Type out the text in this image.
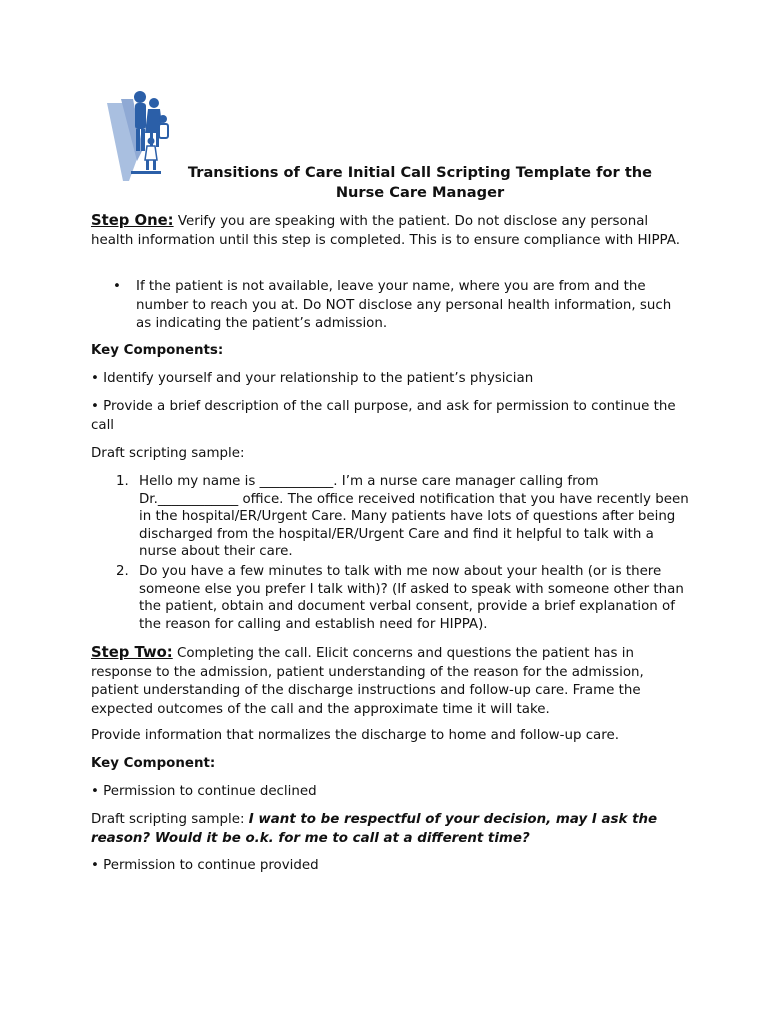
Transitions of Care Initial Call Scripting Template for the
Nurse Care Manager
Step One: Verify you are speaking with the patient. Do not disclose any personal health information until this step is completed. This is to ensure compliance with HIPPA.
• If the patient is not available, leave your name, where you are from and the number to reach you at. Do NOT disclose any personal health information, such as indicating the patient’s admission.
Key Components:
• Identify yourself and your relationship to the patient’s physician
• Provide a brief description of the call purpose, and ask for permission to continue the call
Draft scripting sample:
1. Hello my name is ___________. I’m a nurse care manager calling from Dr.____________ office. The office received notification that you have recently been in the hospital/ER/Urgent Care. Many patients have lots of questions after being discharged from the hospital/ER/Urgent Care and find it helpful to talk with a nurse about their care.
2. Do you have a few minutes to talk with me now about your health (or is there someone else you prefer I talk with)? (If asked to speak with someone other than the patient, obtain and document verbal consent, provide a brief explanation of the reason for calling and establish need for HIPPA).
Step Two: Completing the call. Elicit concerns and questions the patient has in response to the admission, patient understanding of the reason for the admission, patient understanding of the discharge instructions and follow-up care. Frame the expected outcomes of the call and the approximate time it will take.
Provide information that normalizes the discharge to home and follow-up care.
Key Component:
• Permission to continue declined
Draft scripting sample: I want to be respectful of your decision, may I ask the reason? Would it be o.k. for me to call at a different time?
• Permission to continue provided
